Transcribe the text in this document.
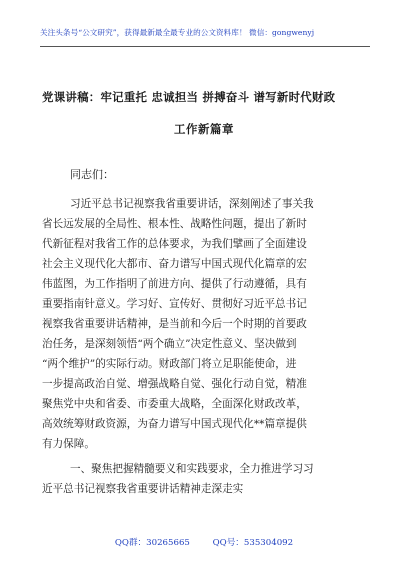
关注头条号“公文研究”，获得最新最全最专业的公文资料库！ 微信：gongwenyj
党课讲稿：牢记重托 忠诚担当 拼搏奋斗 谱写新时代财政
工作新篇章
同志们：
习近平总书记视察我省重要讲话，深刻阐述了事关我
省长远发展的全局性、根本性、战略性问题，提出了新时
代新征程对我省工作的总体要求，为我们擘画了全面建设
社会主义现代化大都市、奋力谱写中国式现代化篇章的宏
伟蓝图，为工作指明了前进方向、提供了行动遵循，具有
重要指南针意义。学习好、宣传好、贯彻好习近平总书记
视察我省重要讲话精神，是当前和今后一个时期的首要政
治任务，是深刻领悟“两个确立”决定性意义、坚决做到
“两个维护”的实际行动。财政部门将立足职能使命，进
一步提高政治自觉、增强战略自觉、强化行动自觉，精准
聚焦党中央和省委、市委重大战略，全面深化财政改革，
高效统筹财政资源，为奋力谱写中国式现代化**篇章提供
有力保障。
一、聚焦把握精髓要义和实践要求，全力推进学习习
近平总书记视察我省重要讲话精神走深走实
QQ群：30265665	QQ号：535304092
